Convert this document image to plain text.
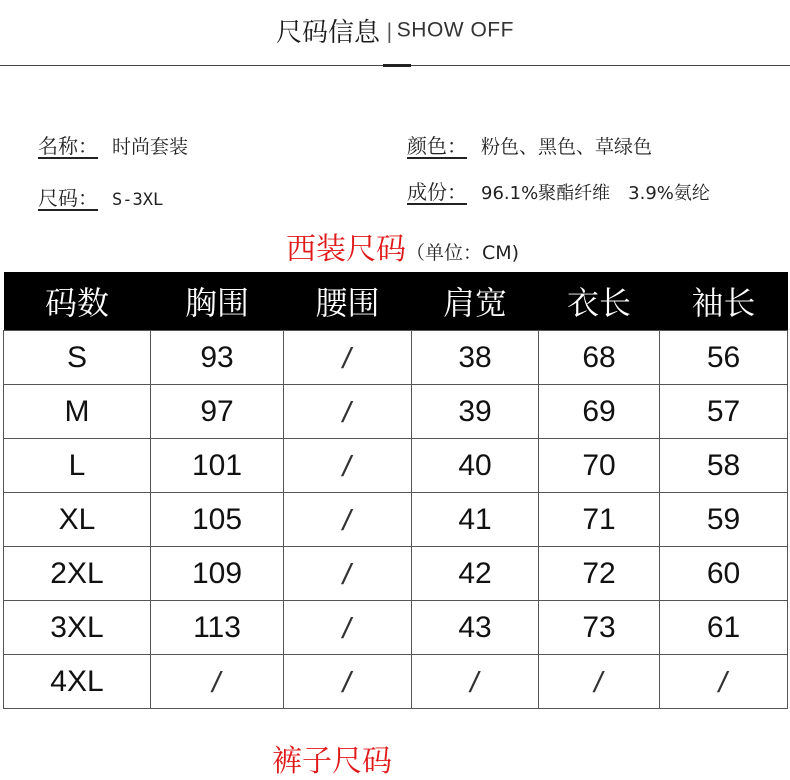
尺码信息 | SHOW OFF
名称： 时尚套装
尺码： S-3XL
颜色： 粉色、黑色、草绿色
成份： 96.1%聚酯纤维　3.9%氨纶
西装尺码（单位：CM)
码数	胸围	腰围	肩宽	衣长	袖长
S	93	/	38	68	56
M	97	/	39	69	57
L	101	/	40	70	58
XL	105	/	41	71	59
2XL	109	/	42	72	60
3XL	113	/	43	73	61
4XL	/	/	/	/	/
裤子尺码
